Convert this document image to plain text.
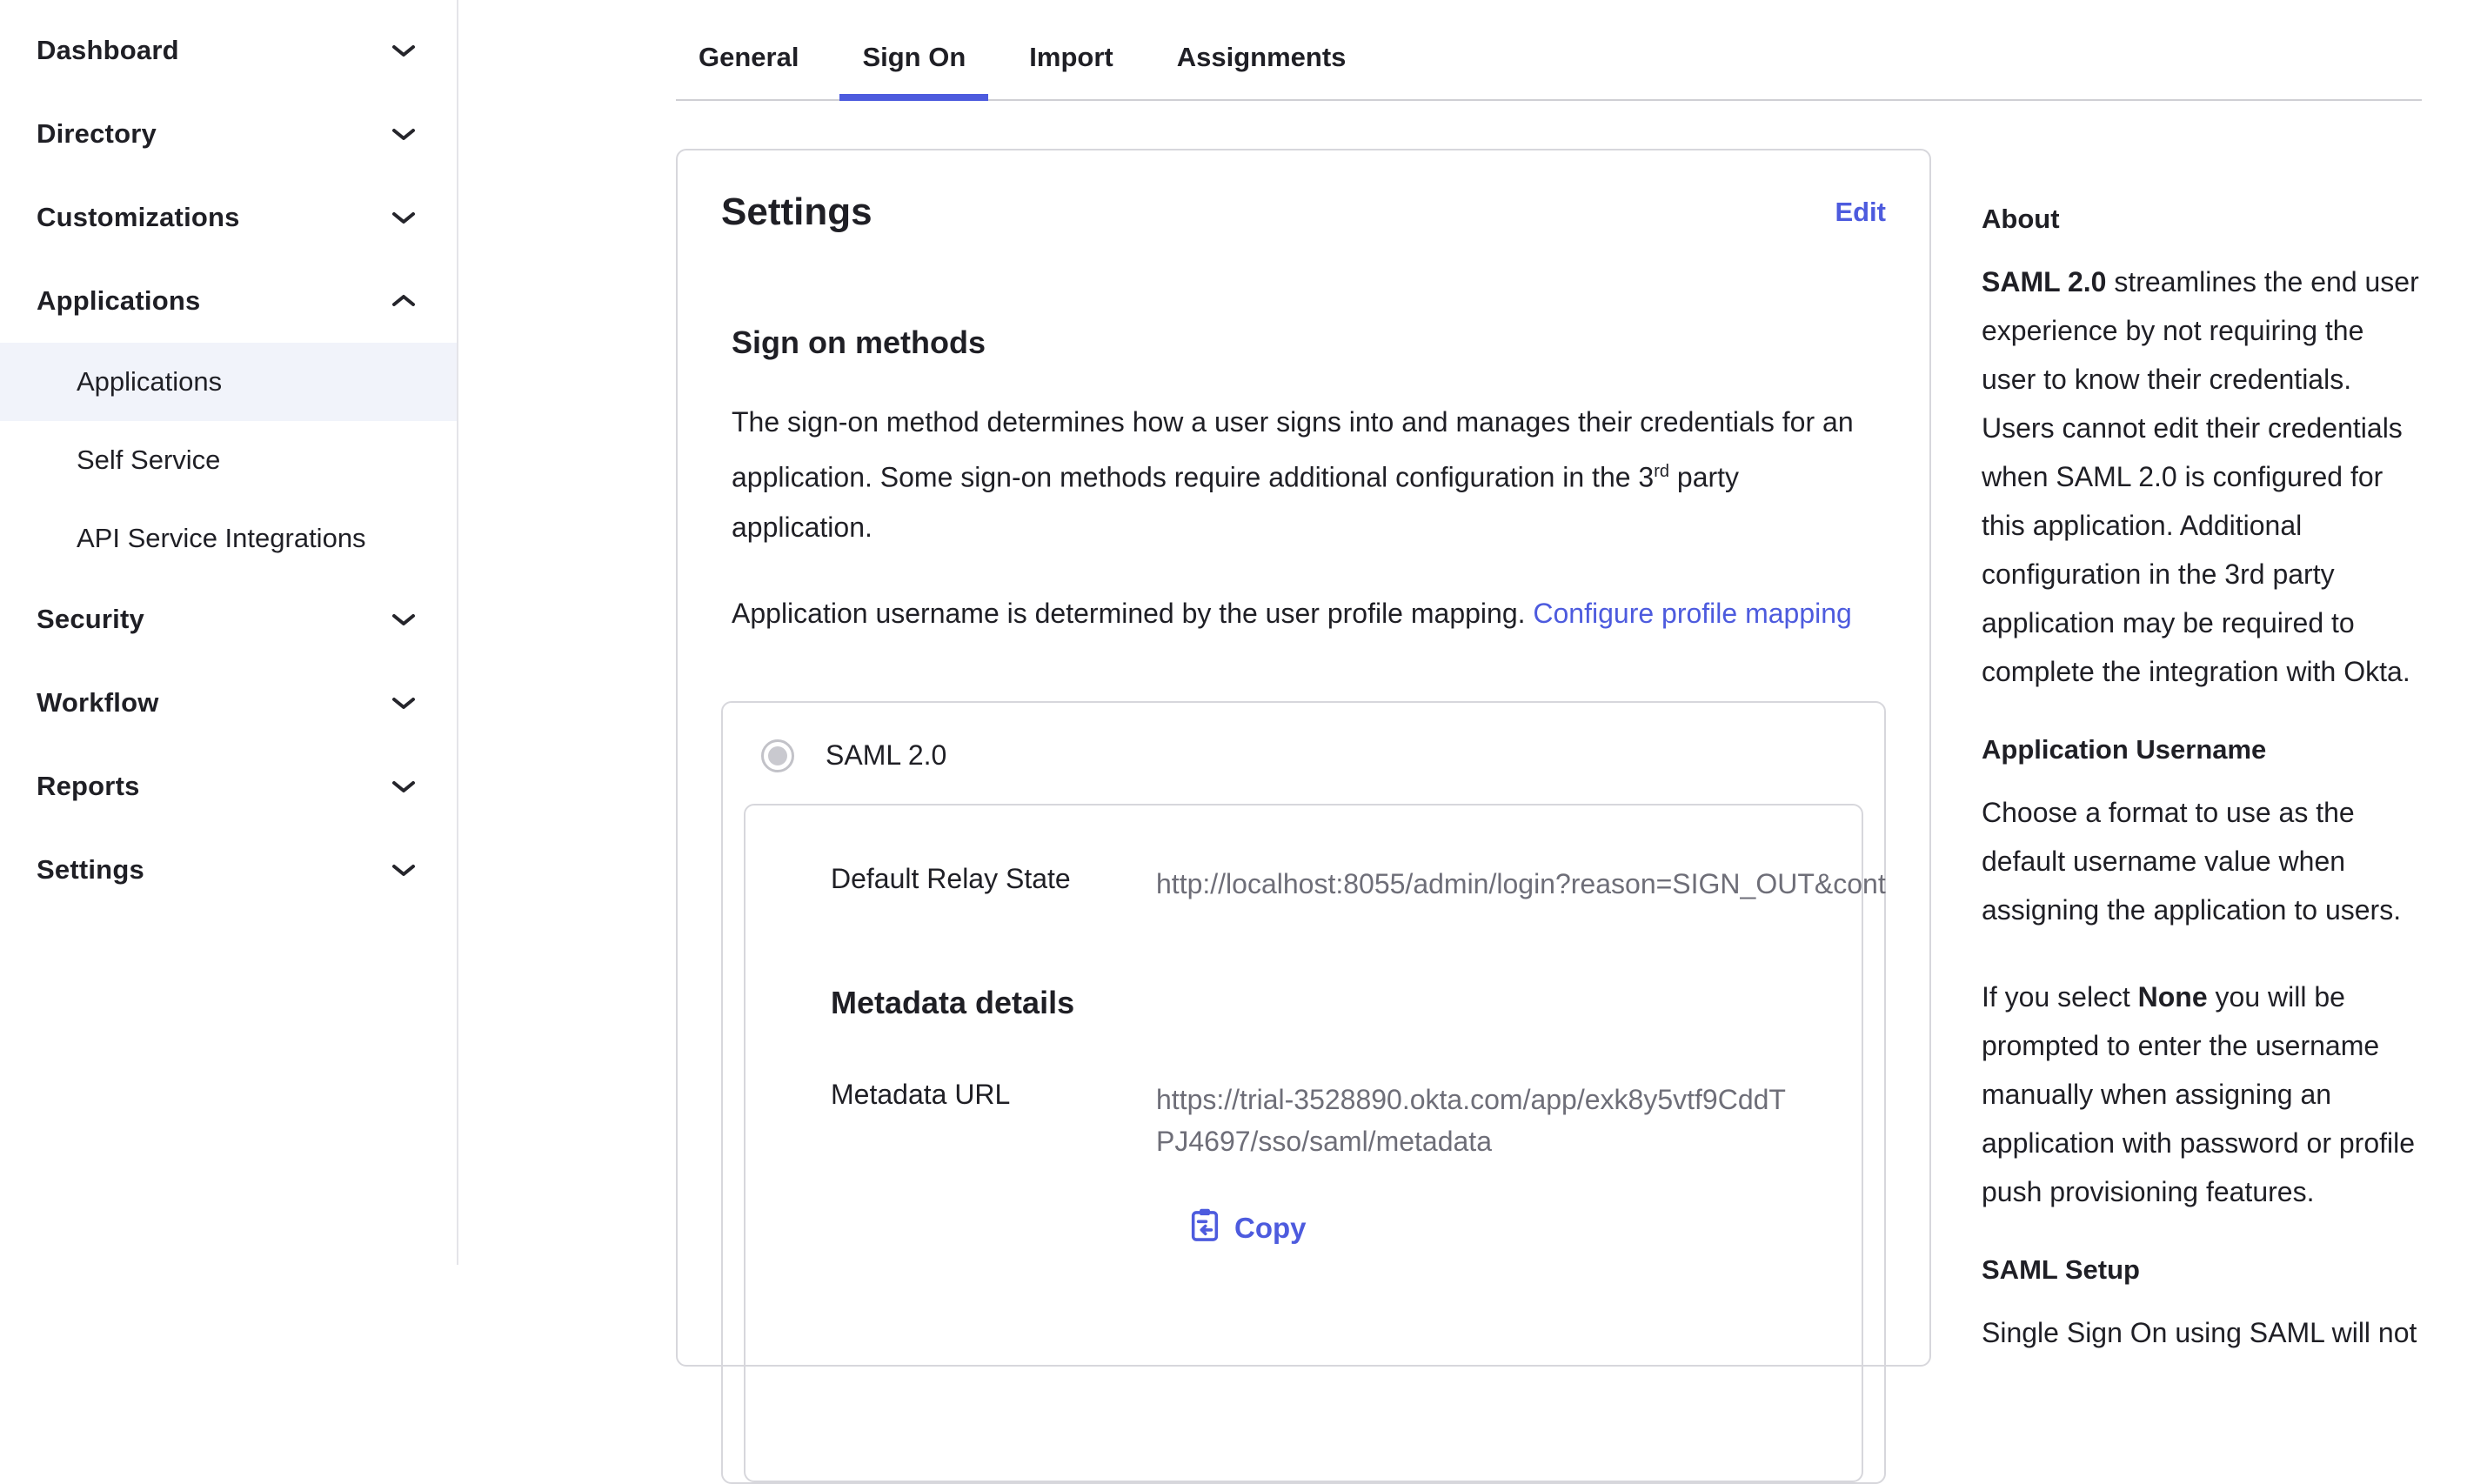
Dashboard
Directory
Customizations
Applications
Applications
Self Service
API Service Integrations
Security
Workflow
Reports
Settings
General	Sign On	Import	Assignments
Settings	Edit
Sign on methods

The sign-on method determines how a user signs into and manages their credentials for an application. Some sign-on methods require additional configuration in the 3rd party application.

Application username is determined by the user profile mapping. Configure profile mapping

SAML 2.0
Default Relay State	http://localhost:8055/admin/login?reason=SIGN_OUT&cont
Metadata details
Metadata URL	https://trial-3528890.okta.com/app/exk8y5vtf9CddTPJ4697/sso/saml/metadata
Copy
About

SAML 2.0 streamlines the end user experience by not requiring the user to know their credentials. Users cannot edit their credentials when SAML 2.0 is configured for this application. Additional configuration in the 3rd party application may be required to complete the integration with Okta.

Application Username

Choose a format to use as the default username value when assigning the application to users.

If you select None you will be prompted to enter the username manually when assigning an application with password or profile push provisioning features.

SAML Setup

Single Sign On using SAML will not
